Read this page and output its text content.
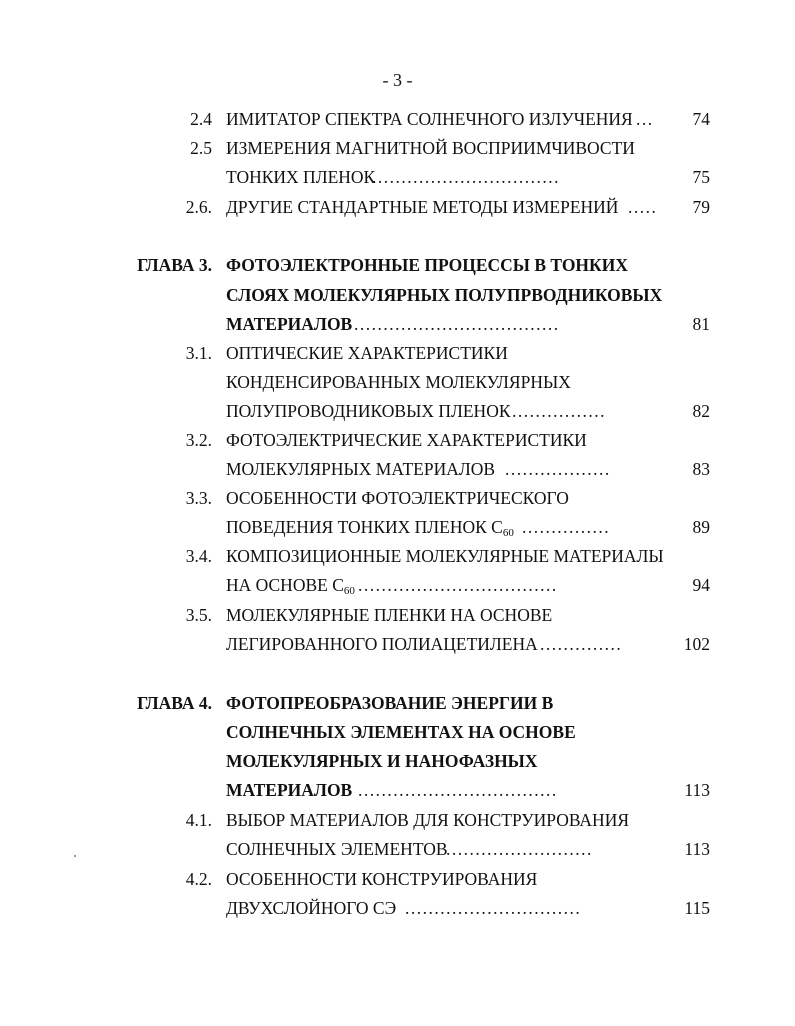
- 3 -
2.4 ИМИТАТОР СПЕКТРА СОЛНЕЧНОГО ИЗЛУЧЕНИЯ ...	74
2.5 ИЗМЕРЕНИЯ МАГНИТНОЙ ВОСПРИИМЧИВОСТИ
ТОНКИХ ПЛЕНОК
................................	75
2.6. ДРУГИЕ СТАНДАРТНЫЕ МЕТОДЫ ИЗМЕРЕНИЙ .....	79
ГЛАВА 3. ФОТОЭЛЕКТРОННЫЕ ПРОЦЕССЫ В ТОНКИХ
СЛОЯХ МОЛЕКУЛЯРНЫХ ПОЛУПРВОДНИКОВЫХ
МАТЕРИАЛОВ ...................................	81
3.1. ОПТИЧЕСКИЕ ХАРАКТЕРИСТИКИ
КОНДЕНСИРОВАННЫХ МОЛЕКУЛЯРНЫХ
ПОЛУПРОВОДНИКОВЫХ ПЛЕНОК ................	82
3.2. ФОТОЭЛЕКТРИЧЕСКИЕ ХАРАКТЕРИСТИКИ
МОЛЕКУЛЯРНЫХ МАТЕРИАЛОВ ..................	83
3.3. ОСОБЕННОСТИ ФОТОЭЛЕКТРИЧЕСКОГО
ПОВЕДЕНИЯ ТОНКИХ ПЛЕНОК $С_{60}$ ...............	89
3.4. КОМПОЗИЦИОННЫЕ МОЛЕКУЛЯРНЫЕ МАТЕРИАЛЫ
НА ОСНОВЕ $С_{60}$ ..................................	94
3.5. МОЛЕКУЛЯРНЫЕ ПЛЕНКИ НА ОСНОВЕ
ЛЕГИРОВАННОГО ПОЛИАЦЕТИЛЕНА ..............	102
ГЛАВА 4. ФОТОПРЕОБРАЗОВАНИЕ ЭНЕРГИИ В
СОЛНЕЧНЫХ ЭЛЕМЕНТАХ НА ОСНОВЕ
МОЛЕКУЛЯРНЫХ И НАНОФАЗНЫХ
МАТЕРИАЛОВ ..................................	113
4.1. ВЫБОР МАТЕРИАЛОВ ДЛЯ КОНСТРУИРОВАНИЯ
СОЛНЕЧНЫХ ЭЛЕМЕНТОВ
.........................	113
4.2. ОСОБЕННОСТИ КОНСТРУИРОВАНИЯ
ДВУХСЛОЙНОГО СЭ ..............................	115
